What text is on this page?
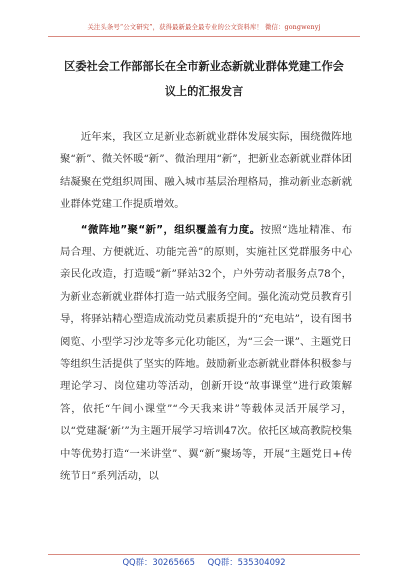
关注头条号“公文研究”，获得最新最全最专业的公文资料库！ 微信：gongwenyj
区委社会工作部部长在全市新业态新就业群体党建工作会
议上的汇报发言

近年来，我区立足新业态新就业群体发展实际，围绕微阵地聚“新”、微关怀暖“新”、微治理用“新”，把新业态新就业群体团结凝聚在党组织周围、融入城市基层治理格局，推动新业态新就业群体党建工作提质增效。

“微阵地”聚“新”，组织覆盖有力度。按照“选址精准、布局合理、方便就近、功能完善”的原则，实施社区党群服务中心亲民化改造，打造暖“新”驿站32个，户外劳动者服务点78个，为新业态新就业群体打造一站式服务空间。强化流动党员教育引导，将驿站精心塑造成流动党员素质提升的“充电站”，设有图书阅览、小型学习沙龙等多元化功能区，为“三会一课”、主题党日等组织生活提供了坚实的阵地。鼓励新业态新就业群体积极参与理论学习、岗位建功等活动，创新开设“故事课堂”进行政策解答，依托“午间小课堂”“今天我来讲”等载体灵活开展学习，以“党建凝‘新’”为主题开展学习培训47次。依托区域高教院校集中等优势打造“一米讲堂”、翼“新”聚场等，开展“主题党日+传统节日”系列活动，以

QQ群：30265665 QQ群：535304092
